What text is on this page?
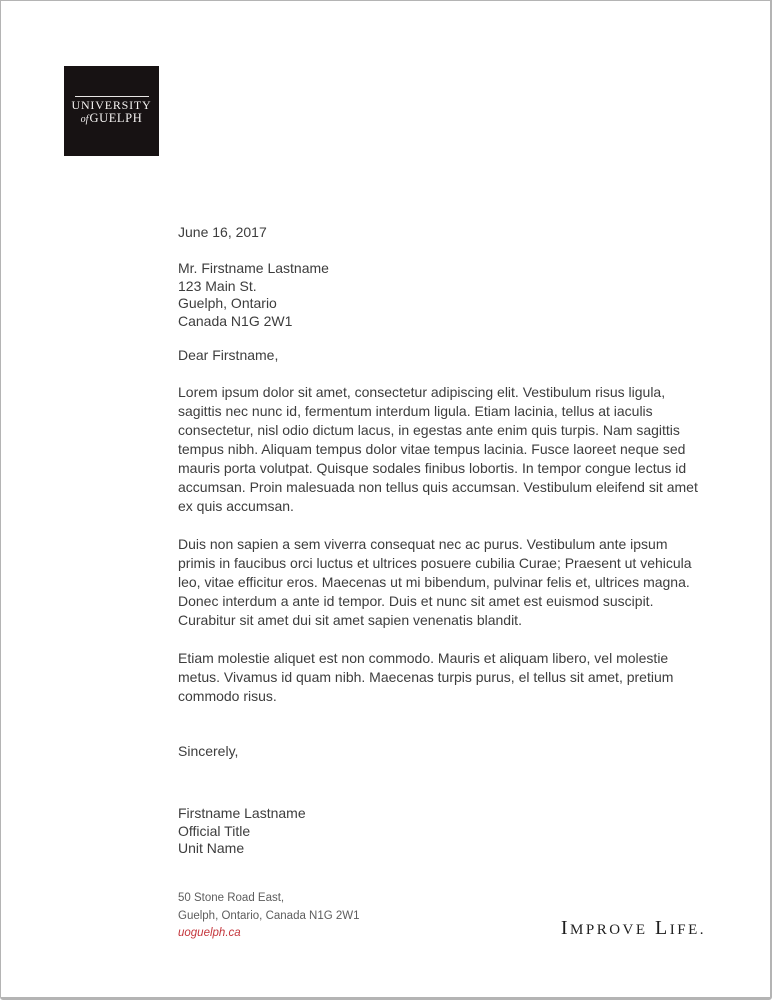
UNIVERSITY
ofGUELPH
June 16, 2017
Mr. Firstname Lastname
123 Main St.
Guelph, Ontario
Canada N1G 2W1
Dear Firstname,

Lorem ipsum dolor sit amet, consectetur adipiscing elit. Vestibulum risus ligula, sagittis nec nunc id, fermentum interdum ligula. Etiam lacinia, tellus at iaculis consectetur, nisl odio dictum lacus, in egestas ante enim quis turpis. Nam sagittis tempus nibh. Aliquam tempus dolor vitae tempus lacinia. Fusce laoreet neque sed mauris porta volutpat. Quisque sodales finibus lobortis. In tempor congue lectus id accumsan. Proin malesuada non tellus quis accumsan. Vestibulum eleifend sit amet ex quis accumsan.

Duis non sapien a sem viverra consequat nec ac purus. Vestibulum ante ipsum primis in faucibus orci luctus et ultrices posuere cubilia Curae; Praesent ut vehicula leo, vitae efficitur eros. Maecenas ut mi bibendum, pulvinar felis et, ultrices magna. Donec interdum a ante id tempor. Duis et nunc sit amet est euismod suscipit. Curabitur sit amet dui sit amet sapien venenatis blandit.

Etiam molestie aliquet est non commodo. Mauris et aliquam libero, vel molestie metus. Vivamus id quam nibh. Maecenas turpis purus, el tellus sit amet, pretium commodo risus.

Sincerely,
Firstname Lastname
Official Title
Unit Name
50 Stone Road East,
Guelph, Ontario, Canada N1G 2W1
uoguelph.ca	IMPROVE LIFE.
